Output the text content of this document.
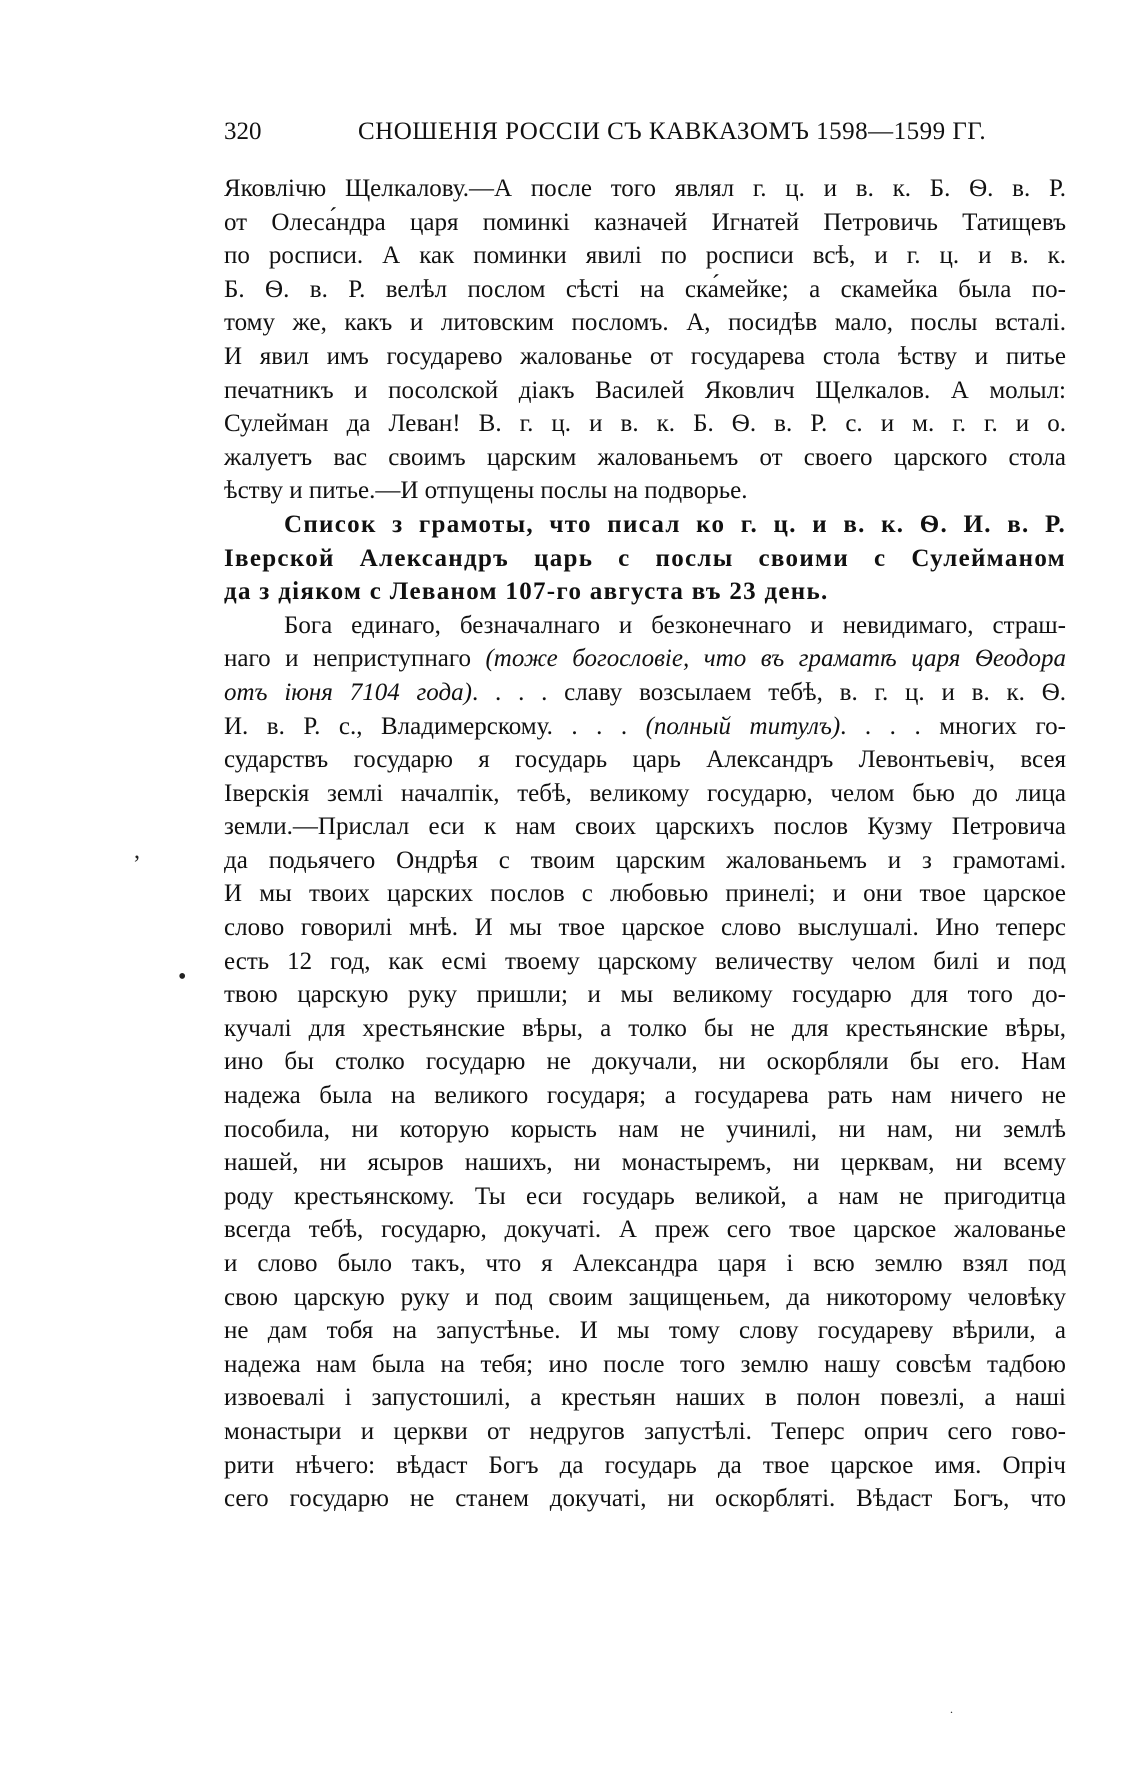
320	СНОШЕНІЯ РОССІИ СЪ КАВКАЗОМЪ 1598—1599 ГГ.
Яковлічю Щелкалову.—А после того являл г. ц. и в. к. Б. Ѳ. в. Р.
от Олеса́ндра царя поминкі казначей Игнатей Петровичь Татищевъ
по росписи. А как поминки явилі по росписи всѣ, и г. ц. и в. к.
Б. Ѳ. в. Р. велѣл послом сѣсті на ска́мейке; а скамейка была по-
тому же, какъ и литовским посломъ. А, посидѣв мало, послы всталі.
И явил имъ государево жалованье от государева стола ѣству и питье
печатникъ и посолской діакъ Василей Яковлич Щелкалов. А молыл:
Сулейман да Леван! В. г. ц. и в. к. Б. Ѳ. в. Р. с. и м. г. г. и о.
жалуетъ вас своимъ царским жалованьемъ от своего царского стола
ѣству и питье.—И отпущены послы на подворье.
Список з грамоты, что писал ко г. ц. и в. к. Ѳ. И. в. Р.
Іверской Александръ царь с послы своими с Сулейманом
да з діяком с Леваном 107-го августа въ 23 день.
Бога единаго, безначалнаго и безконечнаго и невидимаго, страш-
наго и неприступнаго (тоже богословіе, что въ граматѣ царя Ѳеодора
отъ іюня 7104 года). . . . славу возсылаем тебѣ, в. г. ц. и в. к. Ѳ.
И. в. Р. с., Владимерскому. . . . (полный титулъ). . . . многих го-
сударствъ государю я государь царь Александръ Левонтьевіч, всея
Іверскія землі началпік, тебѣ, великому государю, челом бью до лица
земли.—Прислал еси к нам своих царскиxъ послов Кузму Петровича
да подьячего Ондрѣя с твоим царским жалованьемъ и з грамотамі.
И мы твоих царских послов с любовью принелі; и они твое царское
слово говорилі мнѣ. И мы твое царское слово выслушалі. Ино теперс
есть 12 год, как есмі твоему царскому величеству челом билі и под
твою царскую руку пришли; и мы великому государю для того до-
кучалі для хрестьянские вѣры, а толко бы не для крестьянские вѣры,
ино бы столко государю не докучали, ни оскорбляли бы его. Нам
надежа была на великого государя; а государева рать нам ничего не
пособила, ни которую корысть нам не учинилі, ни нам, ни землѣ
нашей, ни ясыров нашихъ, ни монастыремъ, ни церквам, ни всему
роду крестьянскому. Ты еси государь великой, а нам не пригодитца
всегда тебѣ, государю, докучаті. А преж сего твое царское жалованье
и слово было такъ, что я Александра царя і всю землю взял под
свою царскую руку и под своим защищеньем, да никоторому человѣку
не дам тобя на запустѣнье. И мы тому слову государеву вѣрили, а
надежа нам была на тебя; ино после того землю нашу совсѣм тадбою
извоевалі і запустошилі, а крестьян наших в полон повезлі, а наші
монастыри и церкви от недругов запустѣлі. Теперс оприч сего гово-
рити нѣчего: вѣдаст Богъ да государь да твое царское имя. Опріч
сего государю не станем докучаті, ни оскорбляті. Вѣдаст Богъ, что
,
•
.
